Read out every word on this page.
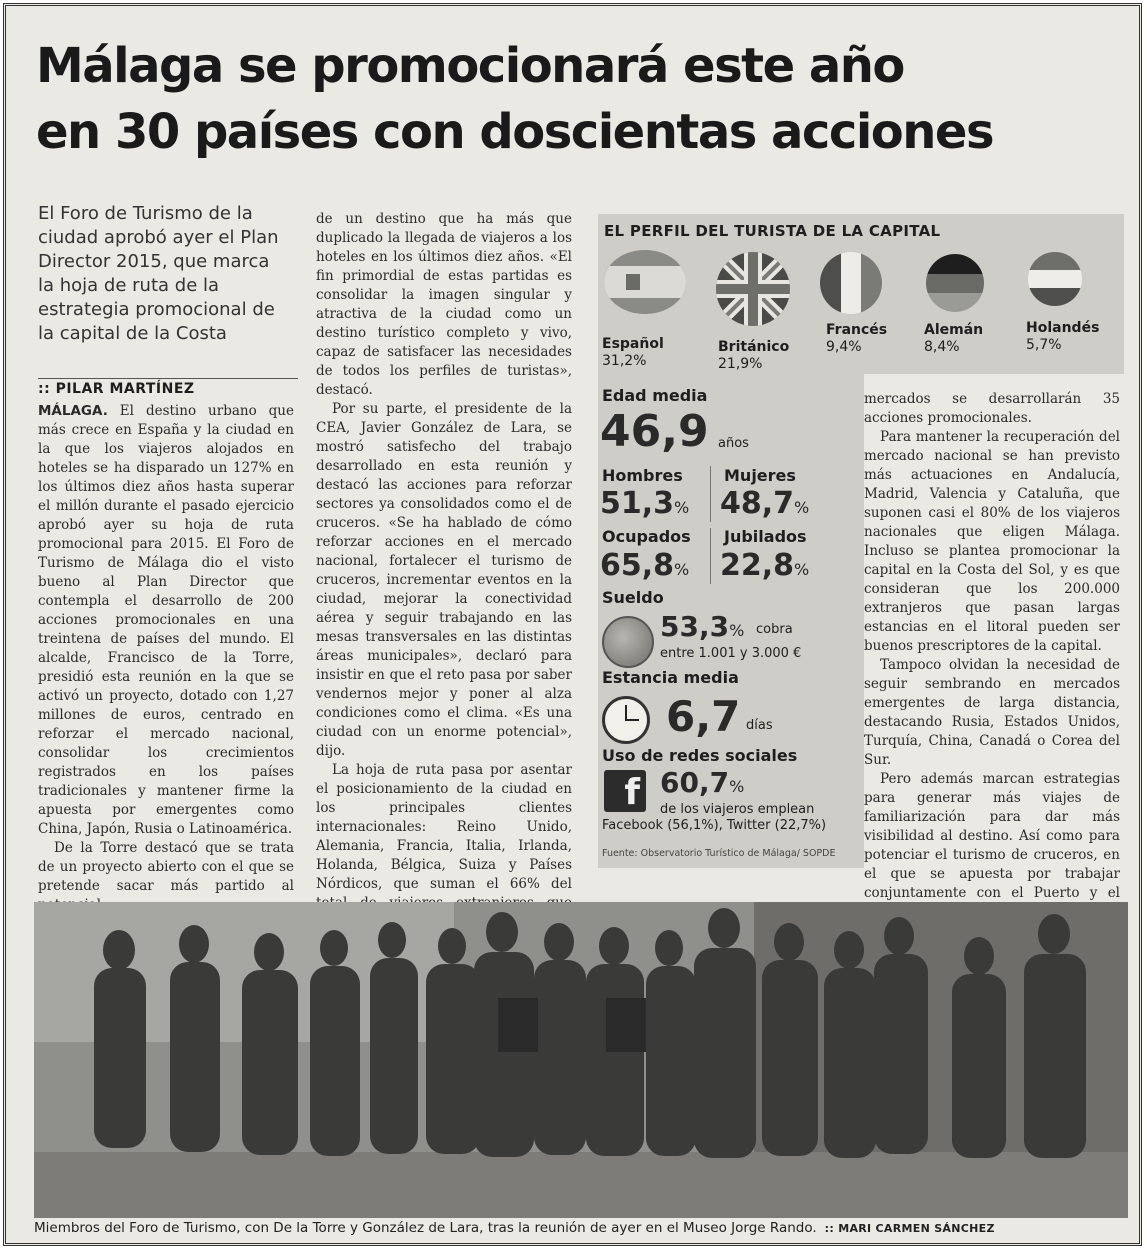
Málaga se promocionará este año
en 30 países con doscientas acciones
El Foro de Turismo de la ciudad aprobó ayer el Plan Director 2015, que marca la hoja de ruta de la estrategia promocional de la capital de la Costa
:: PILAR MARTÍNEZ

MÁLAGA. El destino urbano que más crece en España y la ciudad en la que los viajeros alojados en hoteles se ha disparado un 127% en los últimos diez años hasta superar el millón durante el pasado ejercicio aprobó ayer su hoja de ruta promocional para 2015. El Foro de Turismo de Málaga dio el visto bueno al Plan Director que contempla el desarrollo de 200 acciones promocionales en una treintena de países del mundo. El alcalde, Francisco de la Torre, presidió esta reunión en la que se activó un proyecto, dotado con 1,27 millones de euros, centrado en reforzar el mercado nacional, consolidar los crecimientos registrados en los países tradicionales y mantener firme la apuesta por emergentes como China, Japón, Rusia o Latinoamérica.

De la Torre destacó que se trata de un proyecto abierto con el que se pretende sacar más partido al

de un destino que ha más que duplicado la llegada de viajeros a los hoteles en los últimos diez años. «El fin primordial de estas partidas es consolidar la imagen singular y atractiva de la ciudad como un destino turístico completo y vivo, capaz de satisfacer las necesidades de todos los perfiles de turistas», destacó.

Por su parte, el presidente de la CEA, Javier González de Lara, se mostró satisfecho del trabajo desarrollado en esta reunión y destacó las acciones para reforzar sectores ya consolidados como el de cruceros. «Se ha hablado de cómo reforzar acciones en el mercado nacional, fortalecer el turismo de cruceros, incrementar eventos en la ciudad, mejorar la conectividad aérea y seguir trabajando en las mesas transversales en las distintas áreas municipales», declaró para insistir en que el reto pasa por saber vendernos mejor y poner al alza condiciones como el clima. «Es una ciudad con un enorme potencial», dijo.

La hoja de ruta pasa por asentar el posicionamiento de la ciudad en los principales clientes internacionales: Reino Unido, Alemania, Francia, Italia, Irlanda, Holanda, Bélgica, Suiza y Países Nórdicos, que suman el 66% del

mercados se desarrollarán 35 acciones promocionales.

Para mantener la recuperación del mercado nacional se han previsto más actuaciones en Andalucía, Madrid, Valencia y Cataluña, que suponen casi el 80% de los viajeros nacionales que eligen Málaga. Incluso se plantea promocionar la capital en la Costa del Sol, y es que consideran que los 200.000 extranjeros que pasan largas estancias en el litoral pueden ser buenos prescriptores de la capital.

Tampoco olvidan la necesidad de seguir sembrando en mercados emergentes de larga distancia, destacando Rusia, Estados Unidos, Turquía, China, Canadá o Corea del Sur.

Pero además marcan estrategias para generar más viajes de familiarización para dar más visibilidad al destino. Así como para potenciar el turismo de cruceros, en el que se apuesta por trabajar conjuntamente con el Puerto y el

EL PERFIL DEL TURISTA DE LA CAPITAL
Español
31,2%
Británico
21,9%
Francés
9,4%
Alemán
8,4%
Holandés
5,7%
Edad media
46,9 años
Hombres	Mujeres
51,3% 48,7%
Ocupados Jubilados
65,8% 22,8%
Sueldo
53,3% cobra
entre 1.001 y 3.000 €
Estancia media
6,7 días
Uso de redes sociales
f 60,7%
de los viajeros emplean
Facebook (56,1%), Twitter (22,7%)
Fuente: Observatorio Turístico de Málaga/ SOPDE
Miembros del Foro de Turismo, con De la Torre y González de Lara, tras la reunión de ayer en el Museo Jorge Rando. :: MARI CARMEN SÁNCHEZ
